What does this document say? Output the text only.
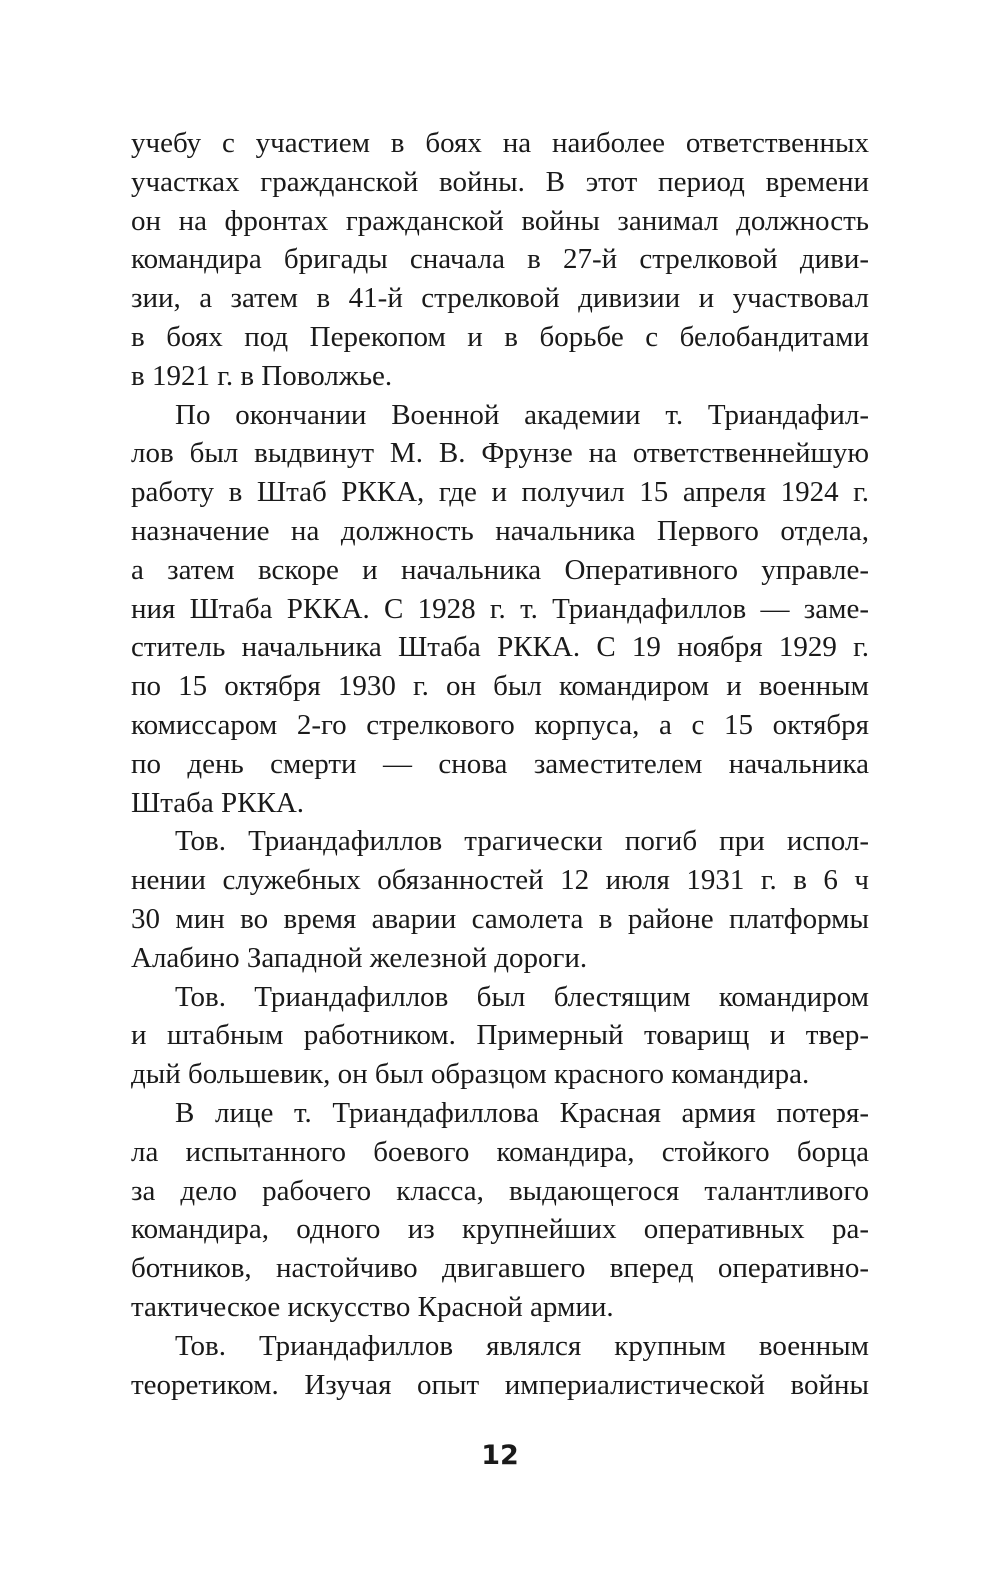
учебу с участием в боях на наиболее ответственных
участках гражданской войны. В этот период времени
он на фронтах гражданской войны занимал должность
командира бригады сначала в 27-й стрелковой диви-
зии, а затем в 41-й стрелковой дивизии и участвовал
в боях под Перекопом и в борьбе с белобандитами
в 1921 г. в Поволжье.
По окончании Военной академии т. Триандафил-
лов был выдвинут М. В. Фрунзе на ответственнейшую
работу в Штаб РККА, где и получил 15 апреля 1924 г.
назначение на должность начальника Первого отдела,
а затем вскоре и начальника Оперативного управле-
ния Штаба РККА. С 1928 г. т. Триандафиллов — заме-
ститель начальника Штаба РККА. С 19 ноября 1929 г.
по 15 октября 1930 г. он был командиром и военным
комиссаром 2-го стрелкового корпуса, а с 15 октября
по день смерти — снова заместителем начальника
Штаба РККА.
Тов. Триандафиллов трагически погиб при испол-
нении служебных обязанностей 12 июля 1931 г. в 6 ч
30 мин во время аварии самолета в районе платформы
Алабино Западной железной дороги.
Тов. Триандафиллов был блестящим командиром
и штабным работником. Примерный товарищ и твер-
дый большевик, он был образцом красного командира.
В лице т. Триандафиллова Красная армия потеря-
ла испытанного боевого командира, стойкого борца
за дело рабочего класса, выдающегося талантливого
командира, одного из крупнейших оперативных ра-
ботников, настойчиво двигавшего вперед оперативно-
тактическое искусство Красной армии.
Тов. Триандафиллов являлся крупным военным
теоретиком. Изучая опыт империалистической войны
12
